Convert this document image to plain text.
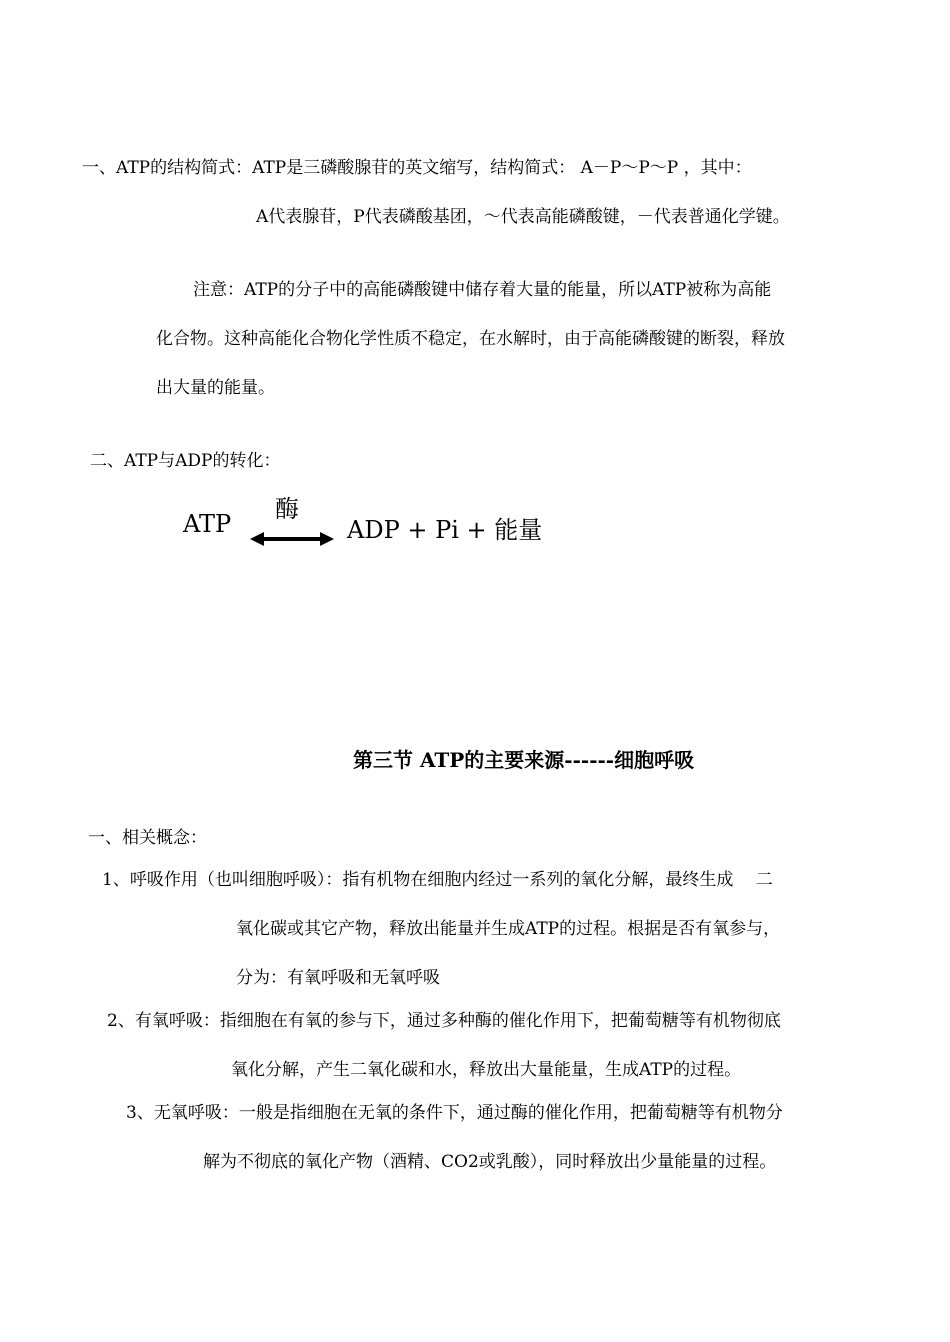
一、ATP的结构简式：ATP是三磷酸腺苷的英文缩写，结构简式： A－P～P～P ，其中：
A代表腺苷，P代表磷酸基团，～代表高能磷酸键，－代表普通化学键。
注意：ATP的分子中的高能磷酸键中储存着大量的能量，所以ATP被称为高能
化合物。这种高能化合物化学性质不稳定，在水解时，由于高能磷酸键的断裂，释放
出大量的能量。
二、ATP与ADP的转化：
ATP
酶
ADP + Pi + 能量
第三节 ATP的主要来源------细胞呼吸
一、相关概念：
1、呼吸作用（也叫细胞呼吸）：指有机物在细胞内经过一系列的氧化分解，最终生成　 二
氧化碳或其它产物，释放出能量并生成ATP的过程。根据是否有氧参与，
分为：有氧呼吸和无氧呼吸
2、有氧呼吸：指细胞在有氧的参与下，通过多种酶的催化作用下，把葡萄糖等有机物彻底
氧化分解，产生二氧化碳和水，释放出大量能量，生成ATP的过程。
3、无氧呼吸：一般是指细胞在无氧的条件下，通过酶的催化作用，把葡萄糖等有机物分
解为不彻底的氧化产物（酒精、CO2或乳酸），同时释放出少量能量的过程。
